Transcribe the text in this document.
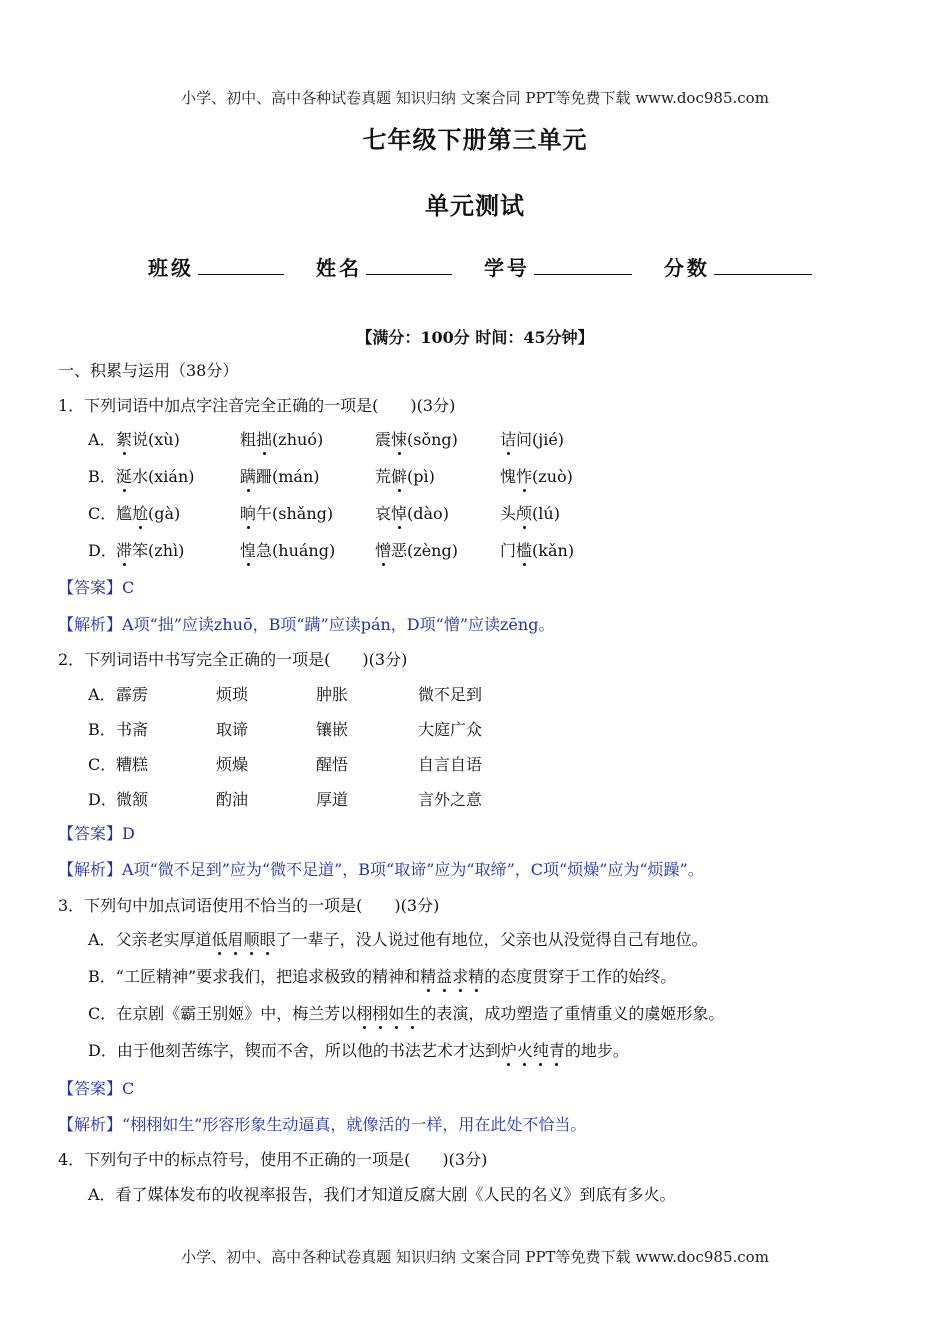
小学、初中、高中各种试卷真题 知识归纳 文案合同 PPT等免费下载 www.doc985.com
七年级下册第三单元
单元测试
班级	姓名	学号	分数
【满分：100分 时间：45分钟】
一、积累与运用（38分）
1．下列词语中加点字注音完全正确的一项是(　　)(3分)
A． 絮说(xù)	粗拙(zhuó)	震悚(sǒng)	诘问(jié)
B． 涎水(xián)	蹒跚(mán)	荒僻(pì)	愧怍(zuò)
C． 尴尬(gà)	晌午(shǎng)	哀悼(dào)	头颅(lú)
D． 滞笨(zhì)	惶急(huáng) 憎恶(zèng)	门槛(kǎn)
【答案】C
【解析】A项“拙”应读zhuō，B项“蹒”应读pán，D项“憎”应读zēng。
2．下列词语中书写完全正确的一项是(　　)(3分)
A． 霹雳	烦琐	肿胀	微不足到
B． 书斋	取谛	镶嵌	大庭广众
C． 糟糕	烦燥	醒悟	自言自语
D． 微颔	酌油	厚道	言外之意
【答案】D
【解析】A项“微不足到”应为“微不足道”，B项“取谛”应为“取缔”，C项“烦燥”应为“烦躁”。
3．下列句中加点词语使用不恰当的一项是(　　)(3分)
A．父亲老实厚道低眉顺眼了一辈子，没人说过他有地位，父亲也从没觉得自己有地位。
B．“工匠精神”要求我们，把追求极致的精神和精益求精的态度贯穿于工作的始终。
C．在京剧《霸王别姬》中，梅兰芳以栩栩如生的表演，成功塑造了重情重义的虞姬形象。
D．由于他刻苦练字，锲而不舍，所以他的书法艺术才达到炉火纯青的地步。
【答案】C
【解析】“栩栩如生”形容形象生动逼真，就像活的一样，用在此处不恰当。
4．下列句子中的标点符号，使用不正确的一项是(　　)(3分)
A．看了媒体发布的收视率报告，我们才知道反腐大剧《人民的名义》到底有多火。
小学、初中、高中各种试卷真题 知识归纳 文案合同 PPT等免费下载 www.doc985.com
